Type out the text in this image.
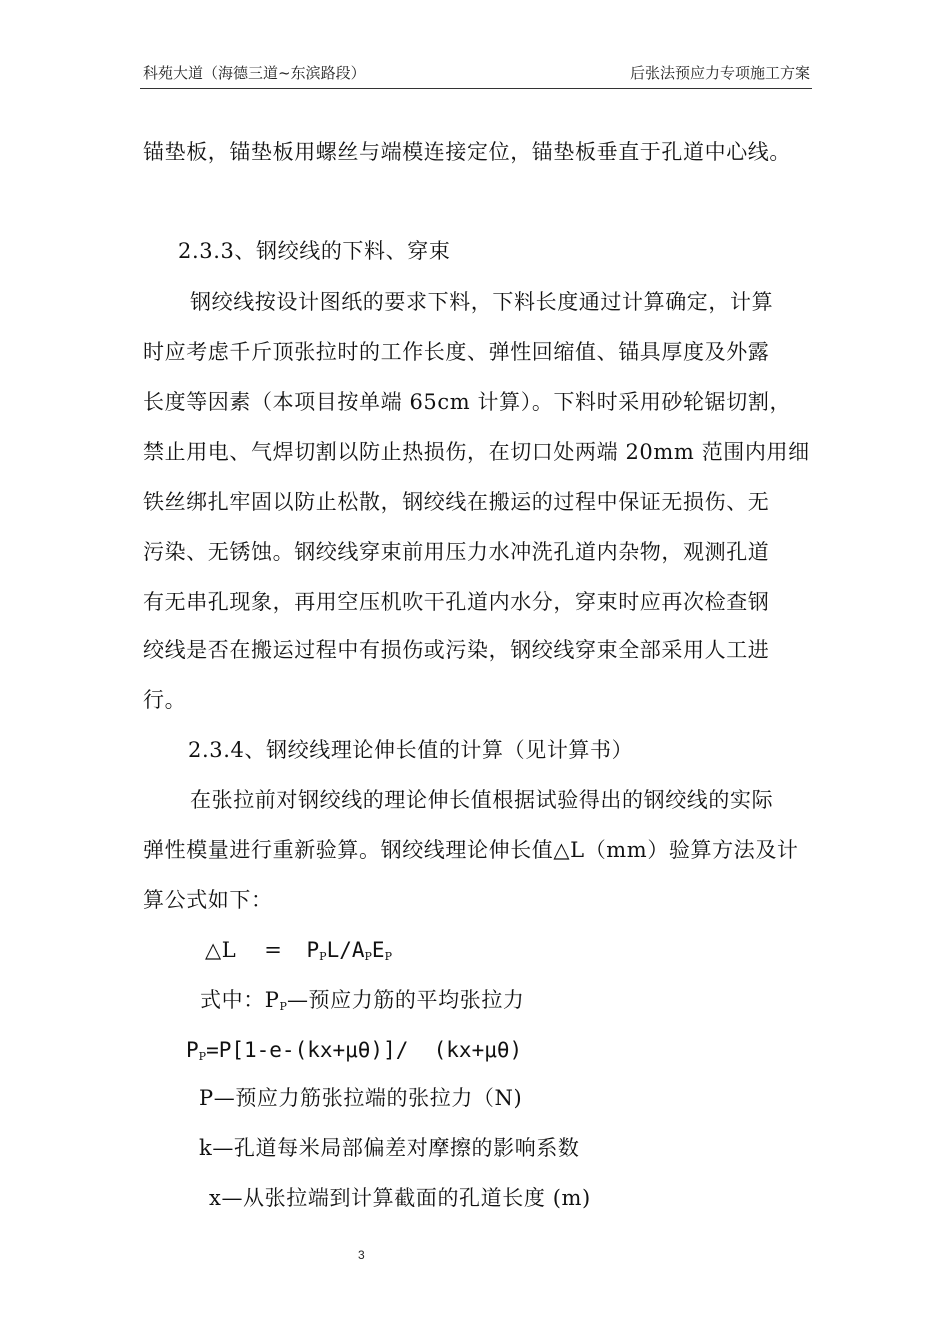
科苑大道（海德三道~东滨路段）	后张法预应力专项施工方案
锚垫板，锚垫板用螺丝与端模连接定位，锚垫板垂直于孔道中心线。
2.3.3、钢绞线的下料、穿束
钢绞线按设计图纸的要求下料，下料长度通过计算确定，计算
时应考虑千斤顶张拉时的工作长度、弹性回缩值、锚具厚度及外露
长度等因素（本项目按单端 65cm 计算）。下料时采用砂轮锯切割，
禁止用电、气焊切割以防止热损伤，在切口处两端 20mm 范围内用细
铁丝绑扎牢固以防止松散，钢绞线在搬运的过程中保证无损伤、无
污染、无锈蚀。钢绞线穿束前用压力水冲洗孔道内杂物，观测孔道
有无串孔现象，再用空压机吹干孔道内水分，穿束时应再次检查钢
绞线是否在搬运过程中有损伤或污染，钢绞线穿束全部采用人工进
行。
2.3.4、钢绞线理论伸长值的计算（见计算书）
在张拉前对钢绞线的理论伸长值根据试验得出的钢绞线的实际
弹性模量进行重新验算。钢绞线理论伸长值△L（mm）验算方法及计
算公式如下：
△L = $P_PL/A_PE_P$
式中：$P_P—$预应力筋的平均张拉力
$P_P=P[1-e-(kx+\mu\theta)]/$  (kx+μθ)
P—预应力筋张拉端的张拉力（N)
k—孔道每米局部偏差对摩擦的影响系数
x—从张拉端到计算截面的孔道长度 (m)
3
